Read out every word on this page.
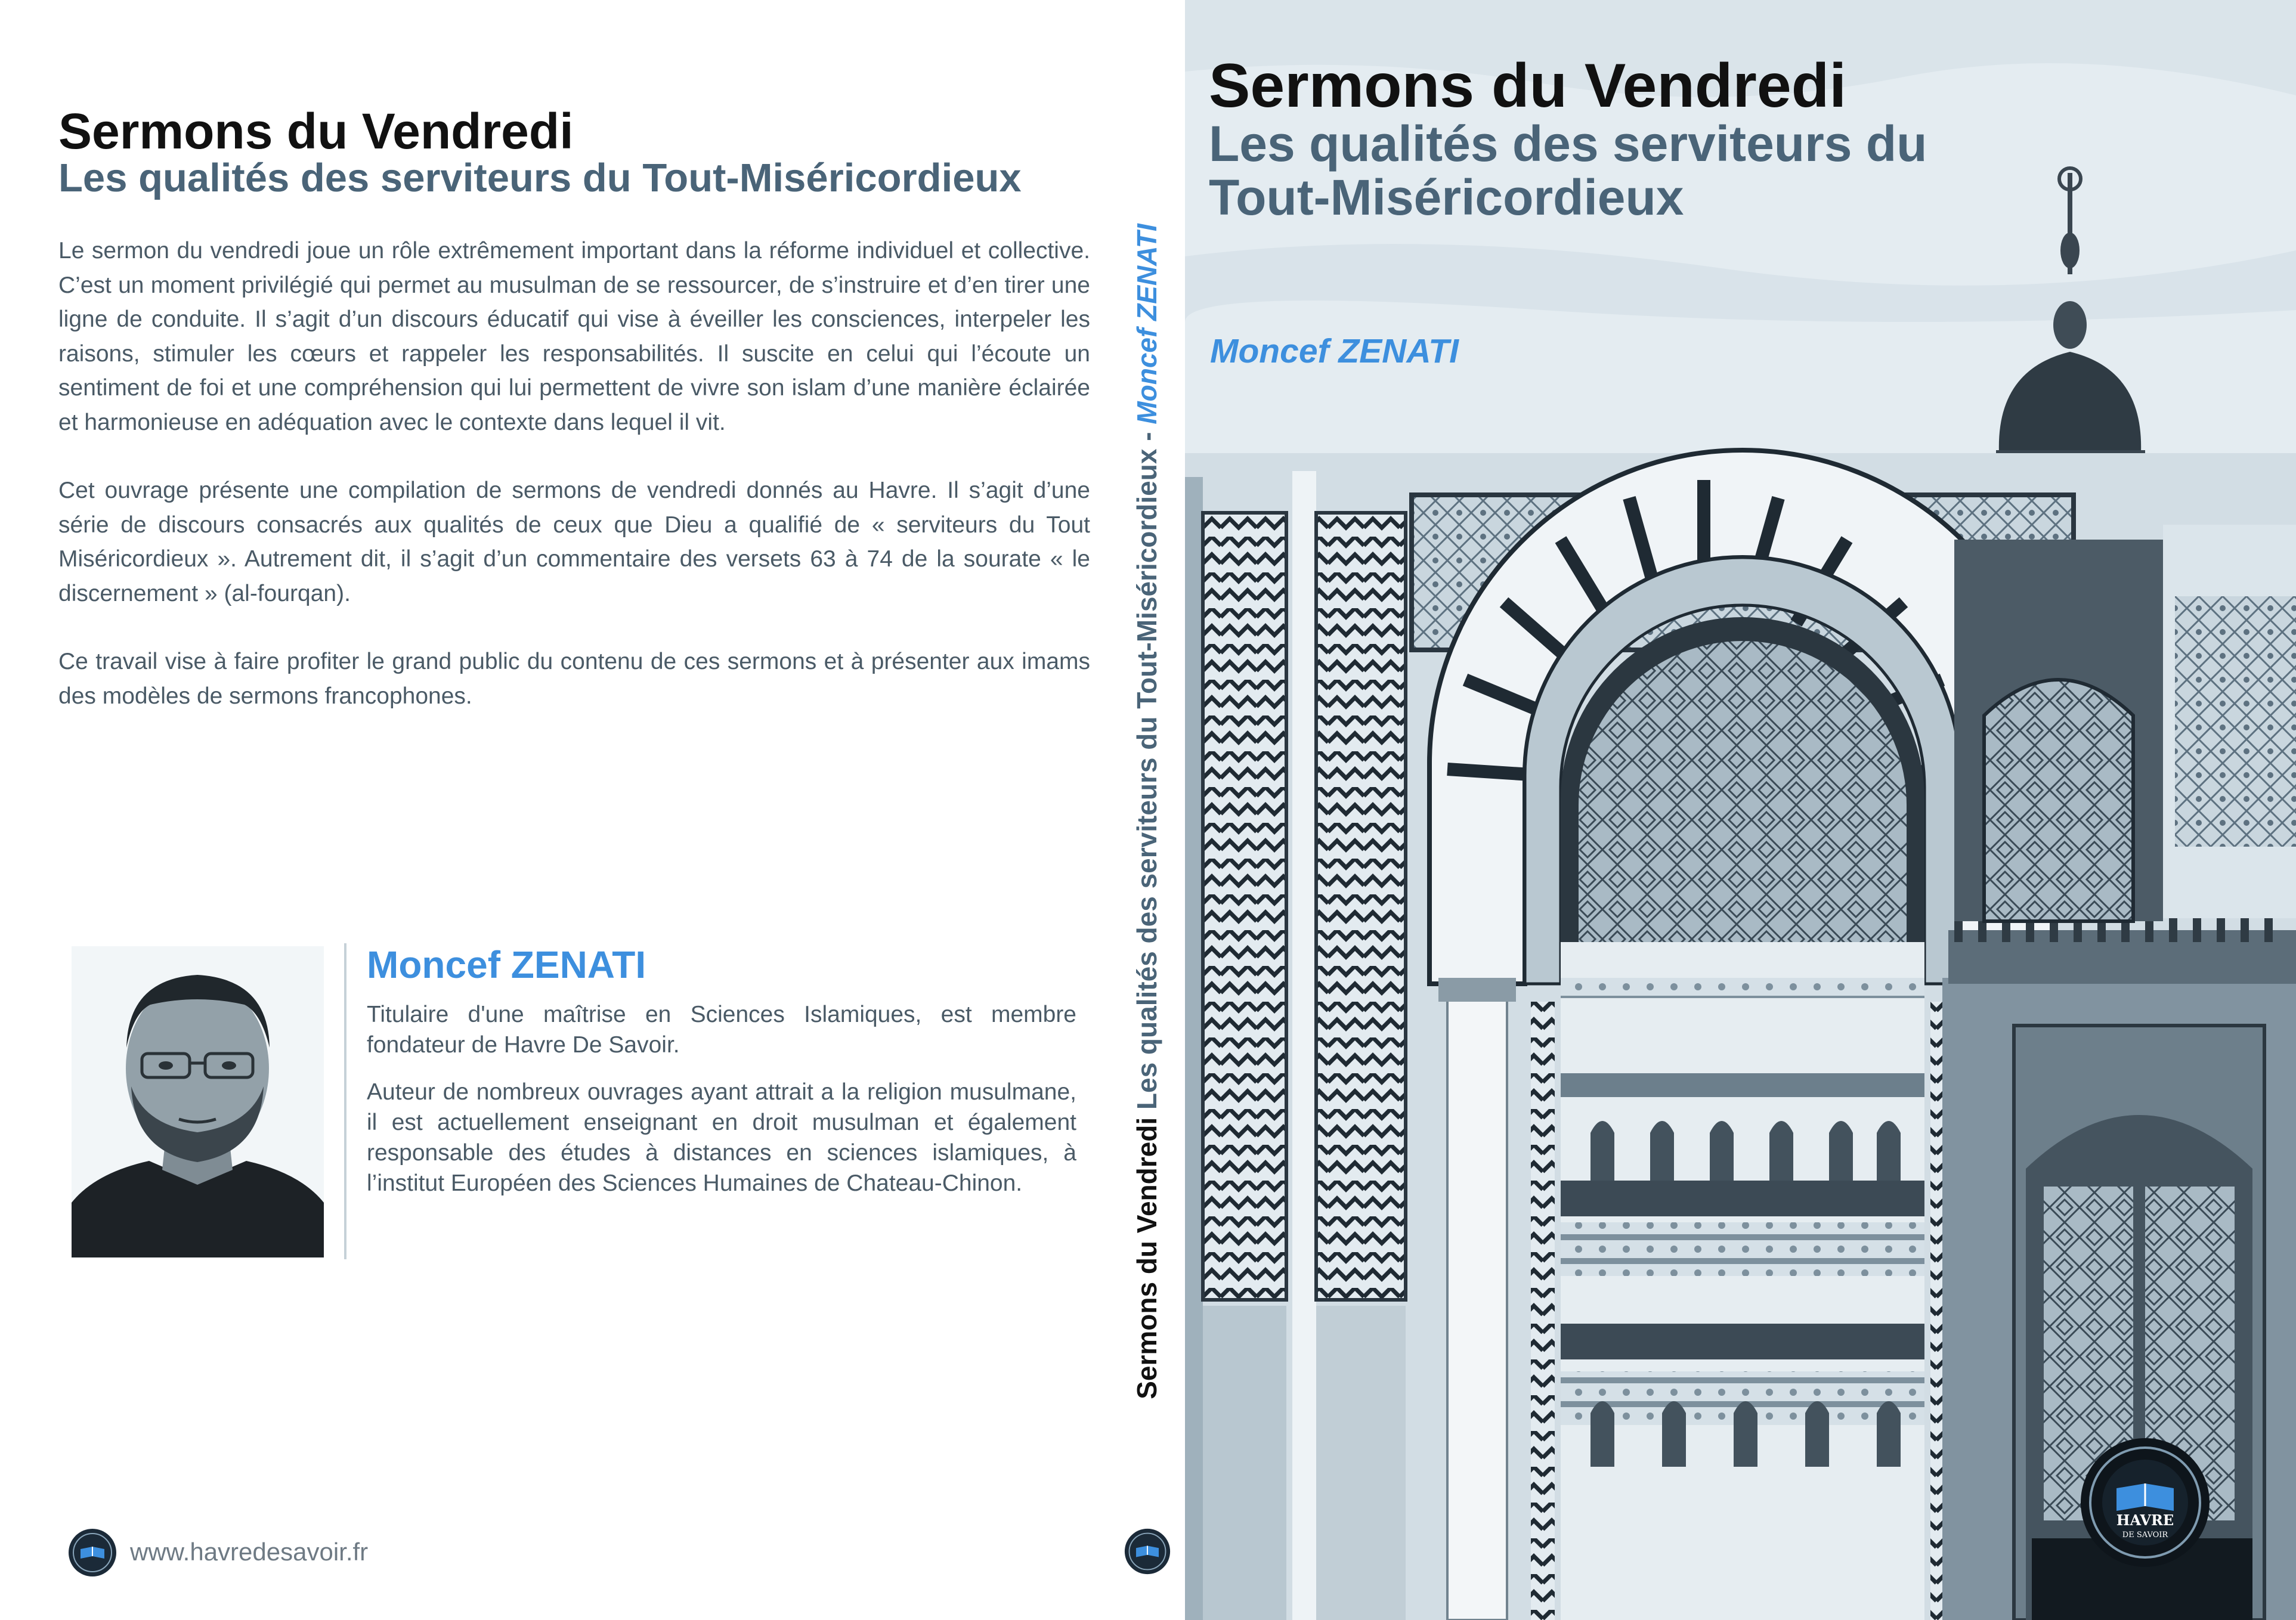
Sermons du Vendredi
Les qualités des serviteurs du Tout-Miséricordieux

Le sermon du vendredi joue un rôle extrêmement important dans la réforme individuel et collective. C’est un moment privilégié qui permet au musulman de se ressourcer, de s’instruire et d’en tirer une ligne de conduite. Il s’agit d’un discours éducatif qui vise à éveiller les consciences, interpeler les raisons, stimuler les cœurs et rappeler les responsabilités. Il suscite en celui qui l’écoute un sentiment de foi et une compréhension qui lui permettent de vivre son islam d’une manière éclairée et harmonieuse en adéquation avec le contexte dans lequel il vit.

Cet ouvrage présente une compilation de sermons de vendredi donnés au Havre. Il s’agit d’une série de discours consacrés aux qualités de ceux que Dieu a qualifié de « serviteurs du Tout Miséricordieux ». Autrement dit, il s’agit d’un commentaire des versets 63 à 74 de la sourate « le discernement » (al-fourqan).

Ce travail vise à faire profiter le grand public du contenu de ces sermons et à présenter aux imams des modèles de sermons francophones.

Moncef ZENATI

Titulaire d'une maîtrise en Sciences Islamiques, est membre fondateur de Havre De Savoir.

Auteur de nombreux ouvrages ayant attrait a la religion musulmane, il est actuellement enseignant en droit musulman et également responsable des études à distances en sciences islamiques, à l’institut Européen des Sciences Humaines de Chateau-Chinon.

www.havredesavoir.fr
Sermons du Vendredi Les qualités des serviteurs du Tout-Miséricordieux - Moncef ZENATI
Sermons du Vendredi
Les qualités des serviteurs du
Tout-Miséricordieux
Moncef ZENATI
HAVRE
DE SAVOIR
